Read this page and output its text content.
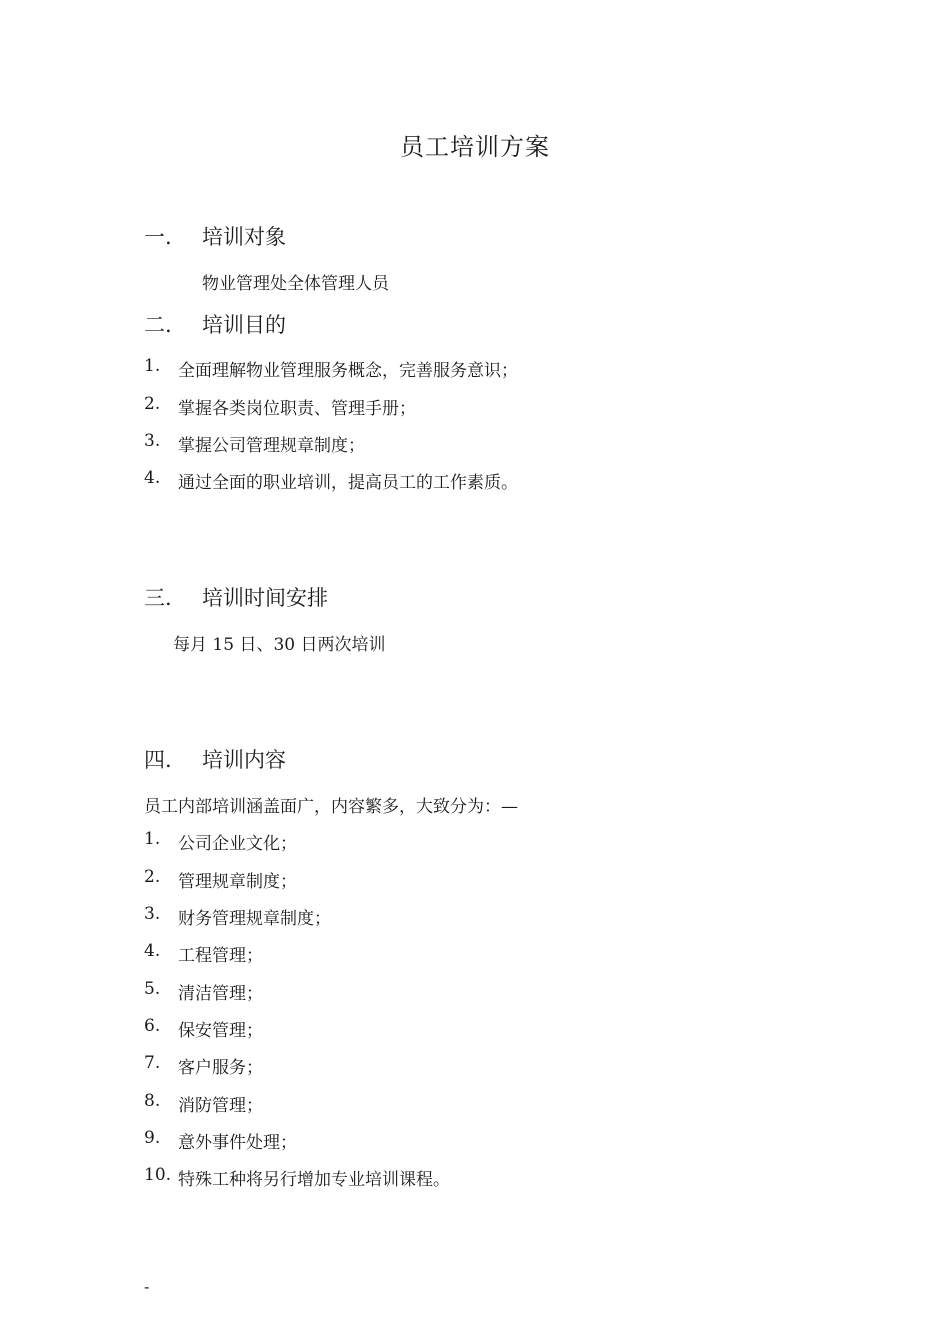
员工培训方案
一. 培训对象
物业管理处全体管理人员
二. 培训目的
1. 全面理解物业管理服务概念，完善服务意识；
2. 掌握各类岗位职责、管理手册；
3. 掌握公司管理规章制度；
4. 通过全面的职业培训，提高员工的工作素质。
三. 培训时间安排
每月 15 日、30 日两次培训
四. 培训内容
员工内部培训涵盖面广，内容繁多，大致分为：—
1. 公司企业文化；
2. 管理规章制度；
3. 财务管理规章制度；
4. 工程管理；
5. 清洁管理；
6. 保安管理；
7. 客户服务；
8. 消防管理；
9. 意外事件处理；
10. 特殊工种将另行增加专业培训课程。
-
